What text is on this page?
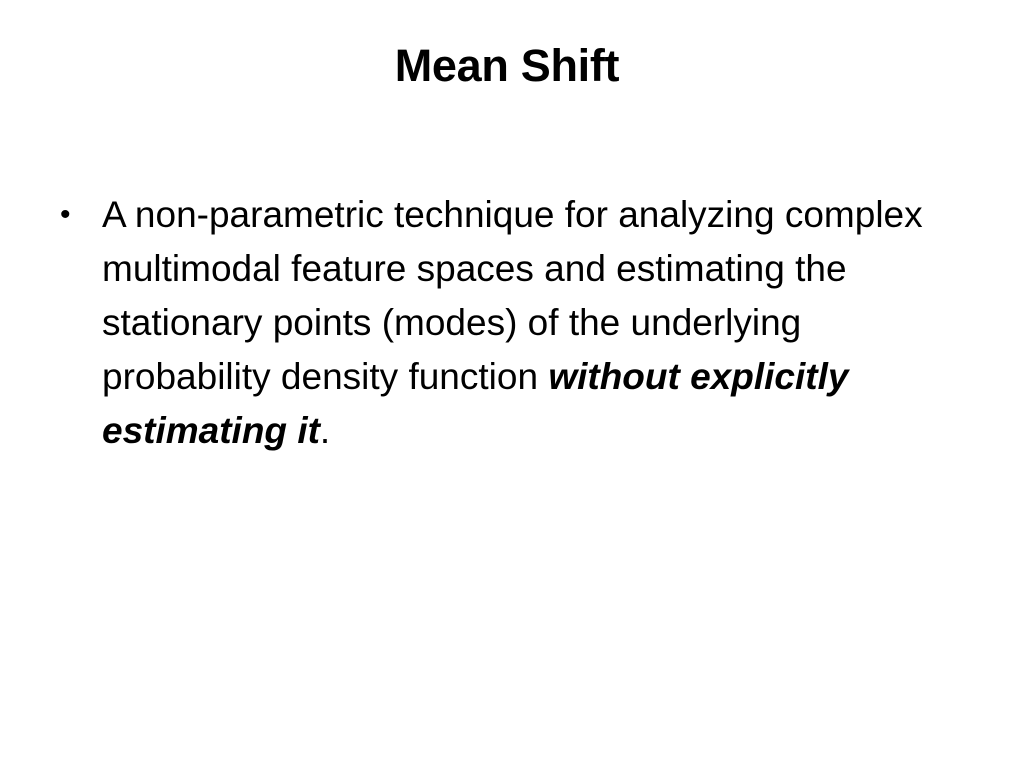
Mean Shift
• A non-parametric technique for analyzing complex multimodal feature spaces and estimating the stationary points (modes) of the underlying probability density function without explicitly estimating it.
